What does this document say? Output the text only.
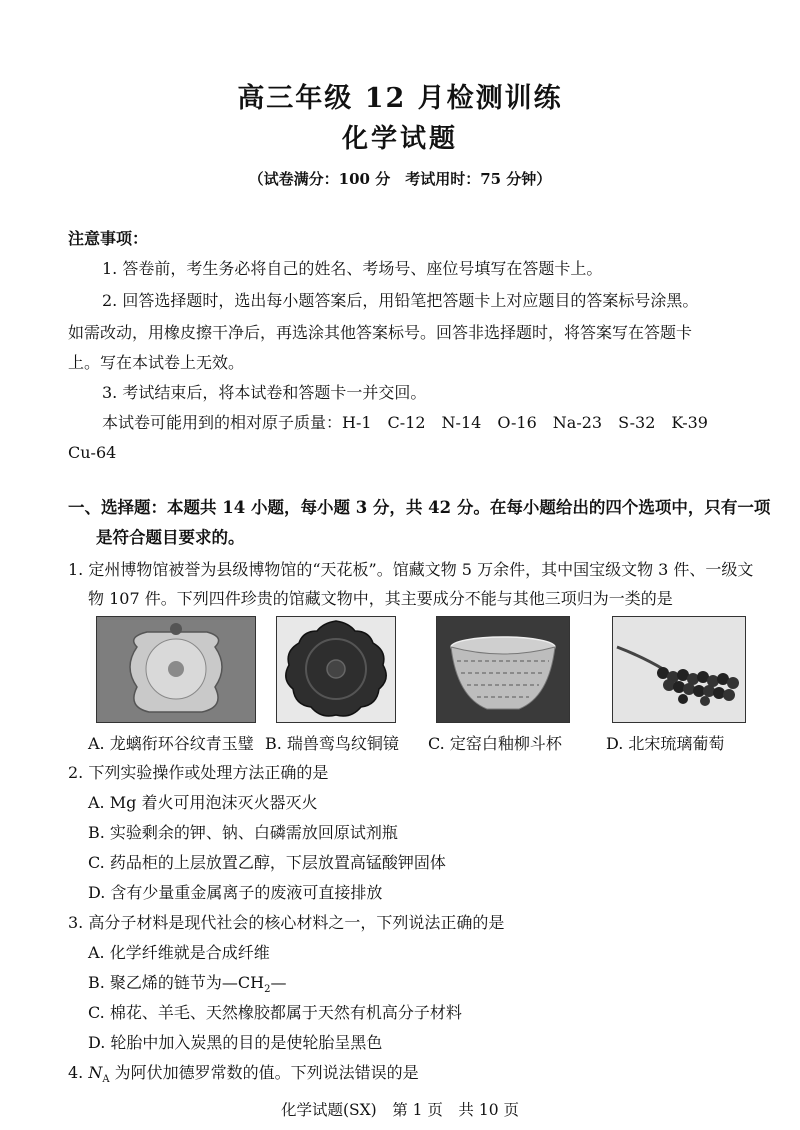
高三年级 12 月检测训练
化学试题
（试卷满分：100 分　考试用时：75 分钟）
注意事项：
1. 答卷前，考生务必将自己的姓名、考场号、座位号填写在答题卡上。
2. 回答选择题时，选出每小题答案后，用铅笔把答题卡上对应题目的答案标号涂黑。
如需改动，用橡皮擦干净后，再选涂其他答案标号。回答非选择题时，将答案写在答题卡
上。写在本试卷上无效。
3. 考试结束后，将本试卷和答题卡一并交回。
本试卷可能用到的相对原子质量：H-1　C-12　N-14　O-16　Na-23　S-32　K-39
Cu-64
一、选择题：本题共 14 小题，每小题 3 分，共 42 分。在每小题给出的四个选项中，只有一项
是符合题目要求的。
1. 定州博物馆被誉为县级博物馆的“天花板”。馆藏文物 5 万余件，其中国宝级文物 3 件、一级文
物 107 件。下列四件珍贵的馆藏文物中，其主要成分不能与其他三项归为一类的是
A. 龙螭衔环谷纹青玉璧 B. 瑞兽鸾鸟纹铜镜 C. 定窑白釉柳斗杯	D. 北宋琉璃葡萄
2. 下列实验操作或处理方法正确的是
A. Mg 着火可用泡沫灭火器灭火
B. 实验剩余的钾、钠、白磷需放回原试剂瓶
C. 药品柜的上层放置乙醇，下层放置高锰酸钾固体
D. 含有少量重金属离子的废液可直接排放
3. 高分子材料是现代社会的核心材料之一，下列说法正确的是
A. 化学纤维就是合成纤维
B. 聚乙烯的链节为$—CH_2—$
C. 棉花、羊毛、天然橡胶都属于天然有机高分子材料
D. 轮胎中加入炭黑的目的是使轮胎呈黑色
4. $N_A$ 为阿伏加德罗常数的值。下列说法错误的是
化学试题(SX)　第 1 页　共 10 页
